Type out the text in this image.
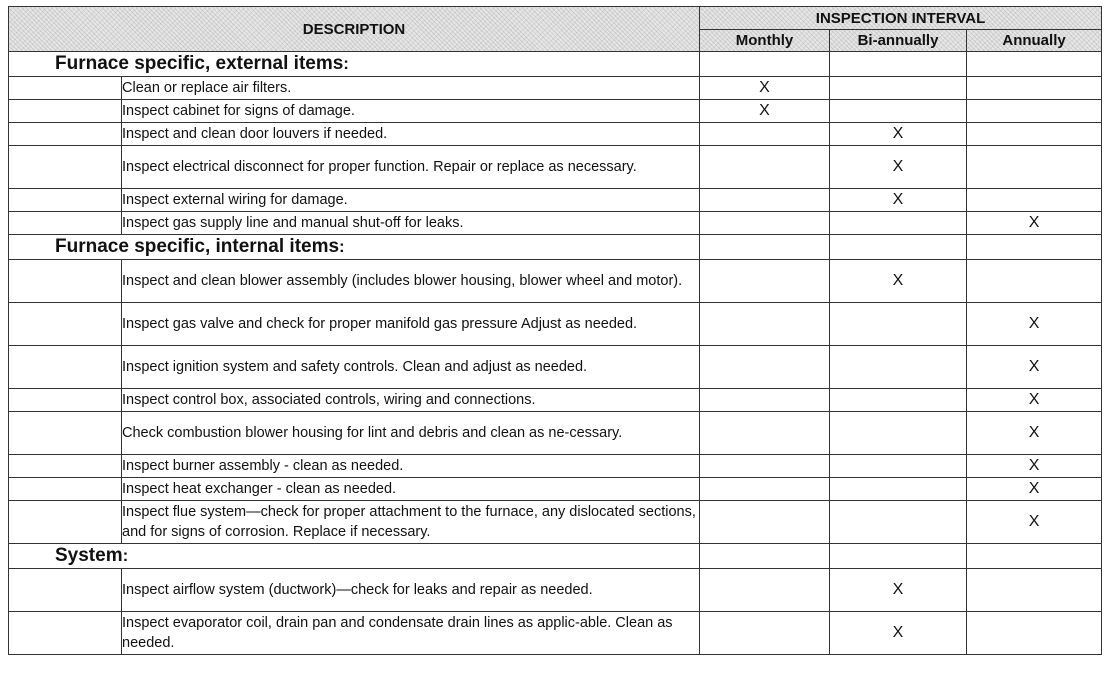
DESCRIPTION		INSPECTION INTERVAL		
		Monthly	Bi-annually	Annually
Furnace specific, external items:				
	Clean or replace air filters.	X		
	Inspect cabinet for signs of damage.	X		
	Inspect and clean door louvers if needed.		X	
	Inspect electrical disconnect for proper function. Repair or replace as necessary.		X	
	Inspect external wiring for damage.		X	
	Inspect gas supply line and manual shut-off for leaks.			X
Furnace specific, internal items:				
	Inspect and clean blower assembly (includes blower housing, blower wheel and motor).		X	
	Inspect gas valve and check for proper manifold gas pressure Adjust as needed.			X
	Inspect ignition system and safety controls. Clean and adjust as needed.			X
	Inspect control box, associated controls, wiring and connections.			X
	Check combustion blower housing for lint and debris and clean as ne-cessary.			X
	Inspect burner assembly - clean as needed.			X
	Inspect heat exchanger - clean as needed.			X
	Inspect flue system—check for proper attachment to the furnace, any dislocated sections, and for signs of corrosion. Replace if necessary.			X
System:				
	Inspect airflow system (ductwork)—check for leaks and repair as needed.		X	
	Inspect evaporator coil, drain pan and condensate drain lines as applic-able. Clean as needed.		X	
